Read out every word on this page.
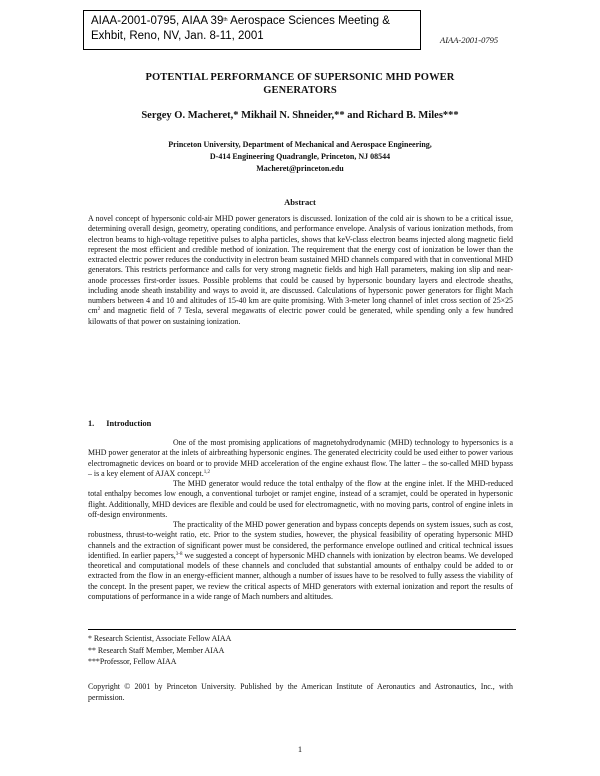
AIAA-2001-0795, AIAA 39th Aerospace Sciences Meeting &
Exhbit, Reno, NV, Jan. 8-11, 2001	AIAA-2001-0795
POTENTIAL PERFORMANCE OF SUPERSONIC MHD POWER
GENERATORS
Sergey O. Macheret,* Mikhail N. Shneider,** and Richard B. Miles***
Princeton University, Department of Mechanical and Aerospace Engineering,
D-414 Engineering Quadrangle, Princeton, NJ 08544
Macheret@princeton.edu
Abstract
A novel concept of hypersonic cold-air MHD power generators is discussed. Ionization of the cold air is shown to be a critical issue, determining overall design, geometry, operating conditions, and performance envelope. Analysis of various ionization methods, from electron beams to high-voltage repetitive pulses to alpha particles, shows that keV-class electron beams injected along magnetic field represent the most efficient and credible method of ionization. The requirement that the energy cost of ionization be lower than the extracted electric power reduces the conductivity in electron beam sustained MHD channels compared with that in conventional MHD generators. This restricts performance and calls for very strong magnetic fields and high Hall parameters, making ion slip and near-anode processes first-order issues. Possible problems that could be caused by hypersonic boundary layers and electrode sheaths, including anode sheath instability and ways to avoid it, are discussed. Calculations of hypersonic power generators for flight Mach numbers between 4 and 10 and altitudes of 15-40 km are quite promising. With 3-meter long channel of inlet cross section of 25×25 $cm^2$ and magnetic field of 7 Tesla, several megawatts of electric power could be generated, while spending only a few hundred kilowatts of that power on sustaining ionization.
1. Introduction

One of the most promising applications of magnetohydrodynamic (MHD) technology to hypersonics is a MHD power generator at the inlets of airbreathing hypersonic engines. The generated electricity could be used either to power various electromagnetic devices on board or to provide MHD acceleration of the engine exhaust flow. The latter – the so-called MHD bypass – is a key element of AJAX concept.$^{1,2}$

The MHD generator would reduce the total enthalpy of the flow at the engine inlet. If the MHD-reduced total enthalpy becomes low enough, a conventional turbojet or ramjet engine, instead of a scramjet, could be operated in hypersonic flight. Additionally, MHD devices are flexible and could be used for electromagnetic, with no moving parts, control of engine inlets in off-design environments.

The practicality of the MHD power generation and bypass concepts depends on system issues, such as cost, robustness, thrust-to-weight ratio, etc. Prior to the system studies, however, the physical feasibility of operating hypersonic MHD channels and the extraction of significant power must be considered, the performance envelope outlined and critical technical issues identified. In earlier papers,$^{3-8}$ we suggested a concept of hypersonic MHD channels with ionization by electron beams. We developed theoretical and computational models of these channels and concluded that substantial amounts of enthalpy could be added to or extracted from the flow in an energy-efficient manner, although a number of issues have to be resolved to fully assess the viability of the concept. In the present paper, we review the critical aspects of MHD generators with external ionization and report the results of computations of performance in a wide range of Mach numbers and altitudes.

* Research Scientist, Associate Fellow AIAA
** Research Staff Member, Member AIAA
***Professor, Fellow AIAA
Copyright © 2001 by Princeton University. Published by the American Institute of Aeronautics and Astronautics, Inc., with permission.
1
